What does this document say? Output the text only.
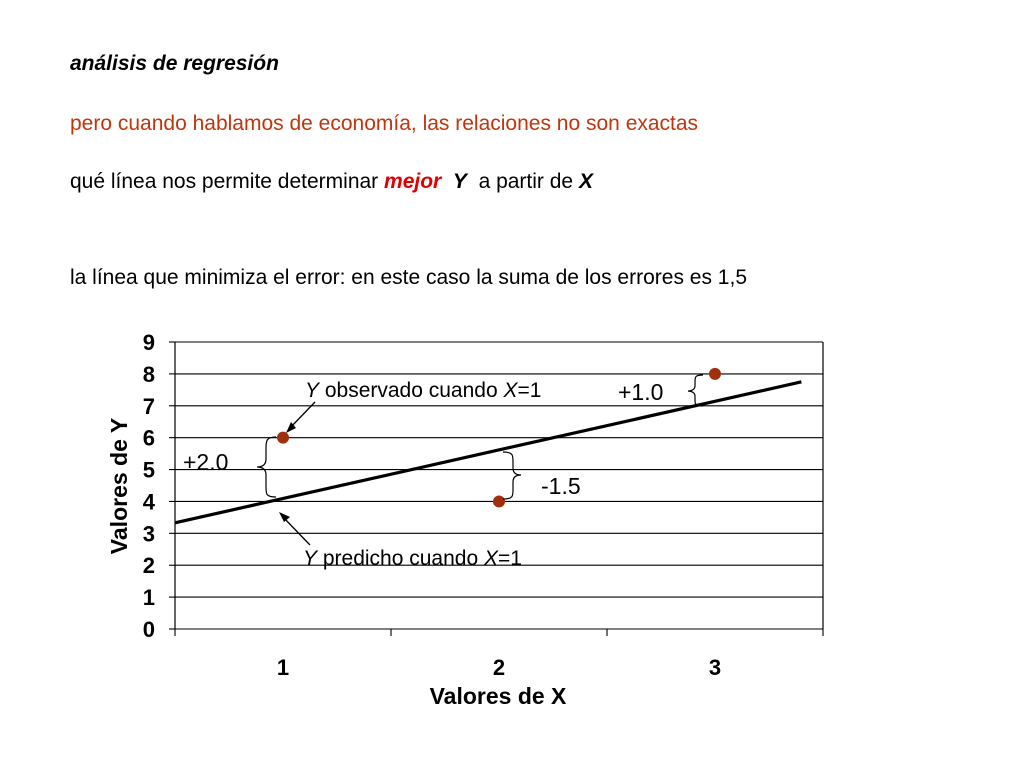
análisis de regresión
pero cuando hablamos de economía, las relaciones no son exactas
qué línea nos permite determinar mejor Y a partir de X
la línea que minimiza el error: en este caso la suma de los errores es 1,5
0
1
2
3
4
5
6
7
8
9
1	2	3
Y observado cuando X=1
Y predicho cuando X=1
+2.0
-1.5
+1.0
Valores de X
Valores de Y
